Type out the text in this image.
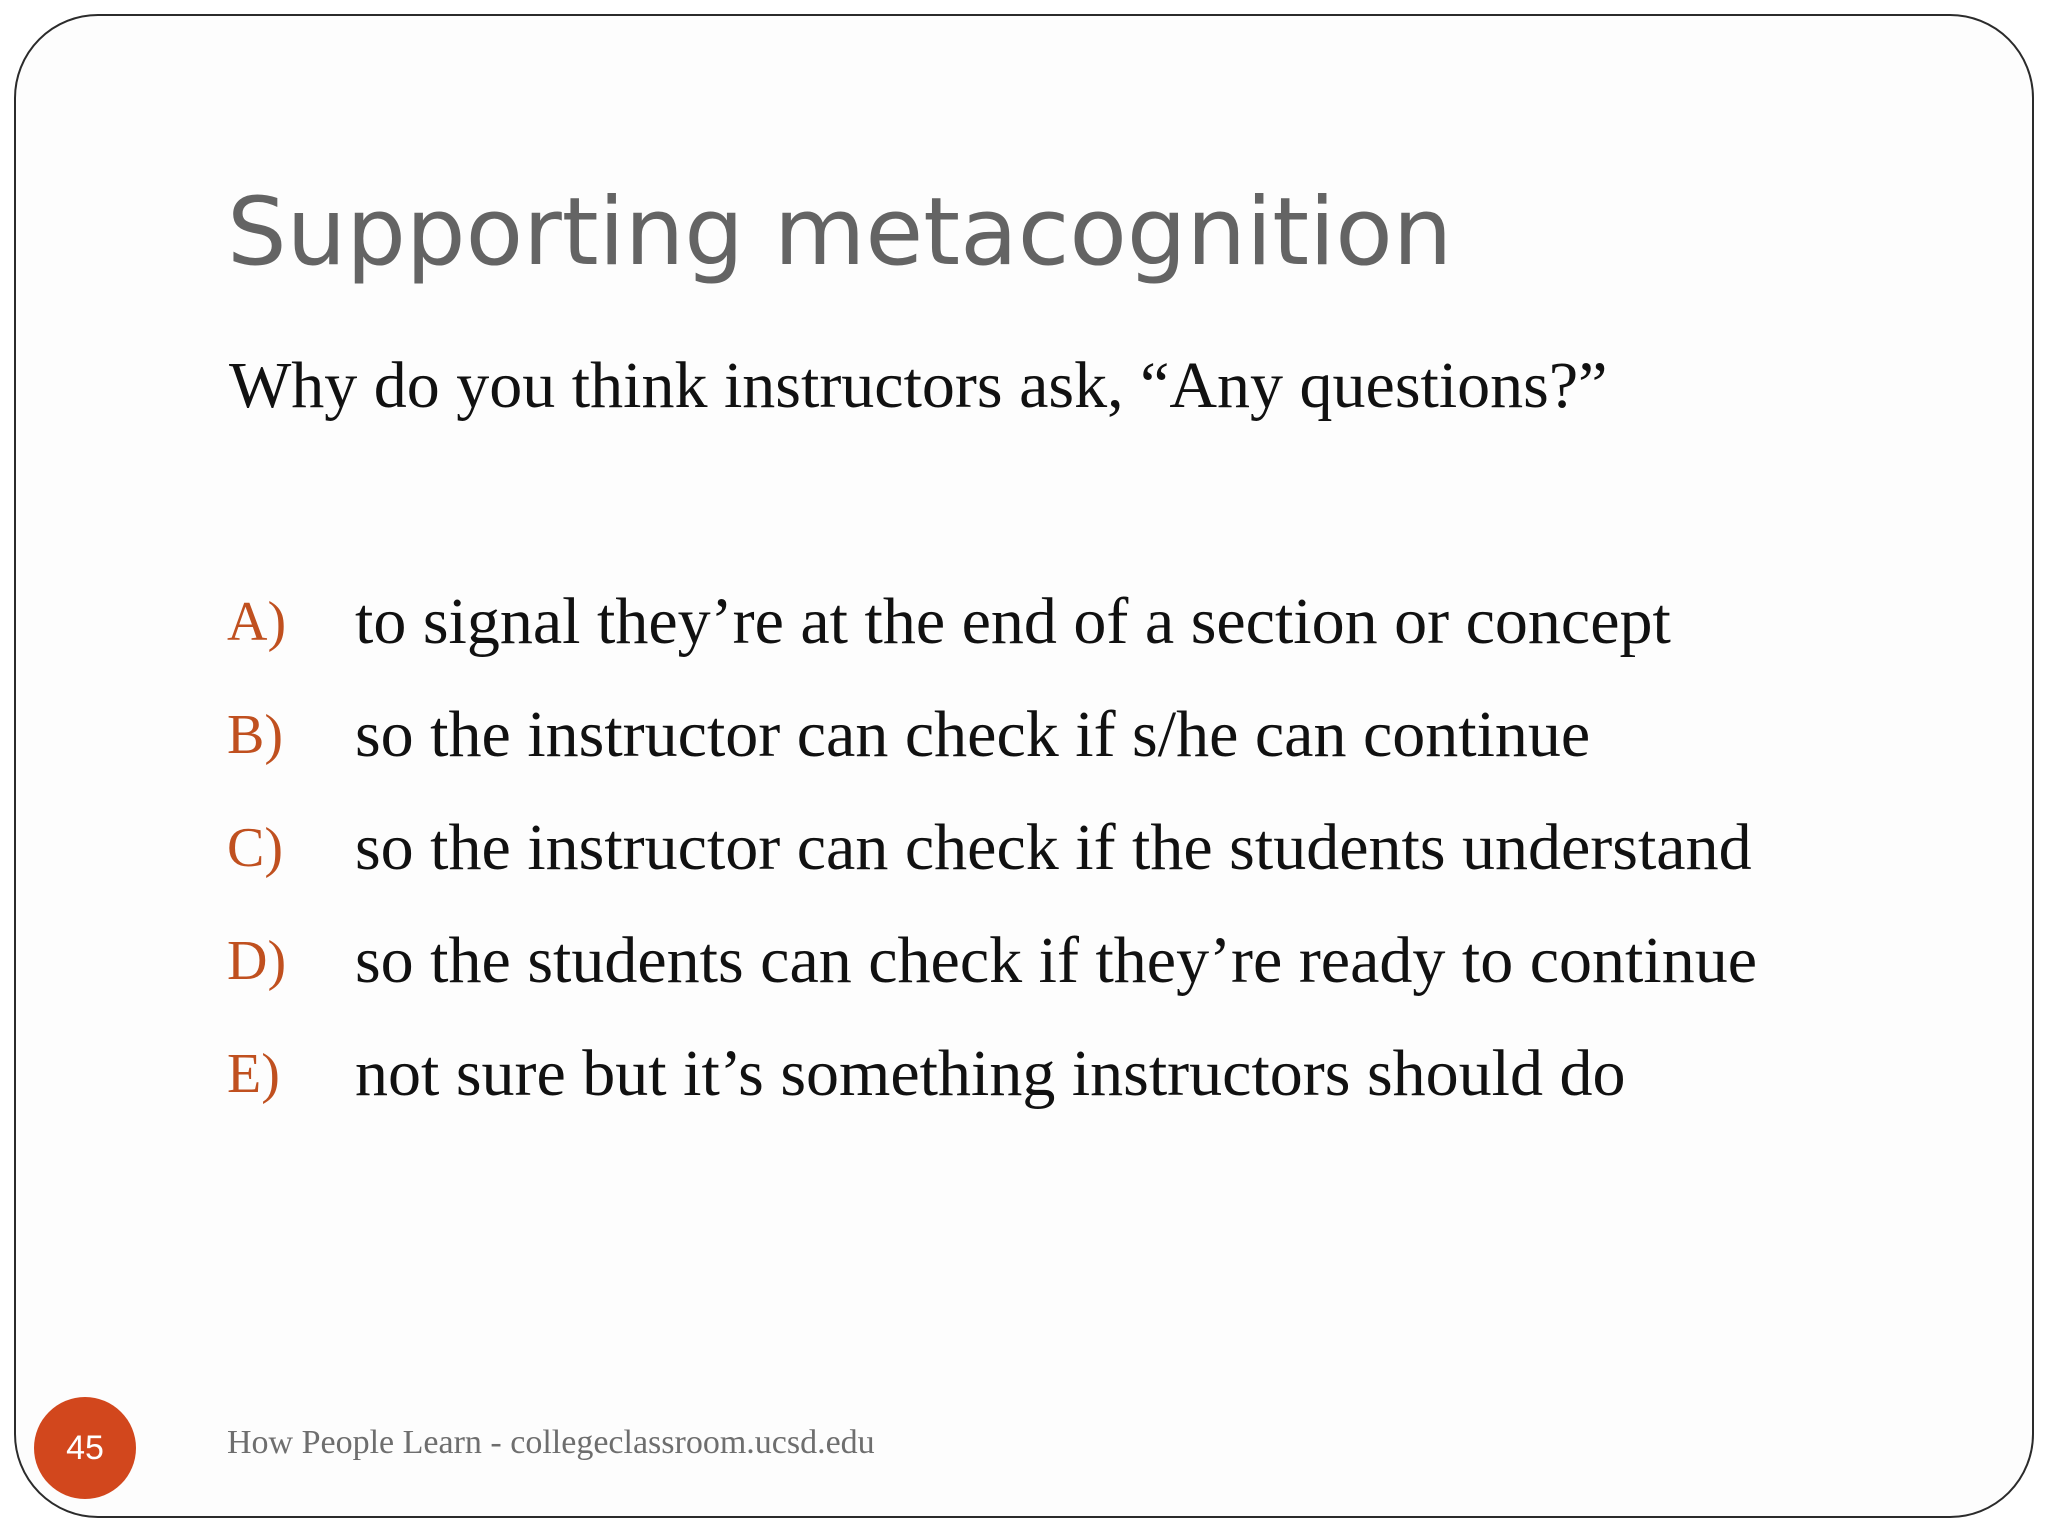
Supporting metacognition

Why do you think instructors ask, “Any questions?”

A) to signal they’re at the end of a section or concept
B) so the instructor can check if s/he can continue
C) so the instructor can check if the students understand
D) so the students can check if they’re ready to continue
E) not sure but it’s something instructors should do
45	How People Learn - collegeclassroom.ucsd.edu
